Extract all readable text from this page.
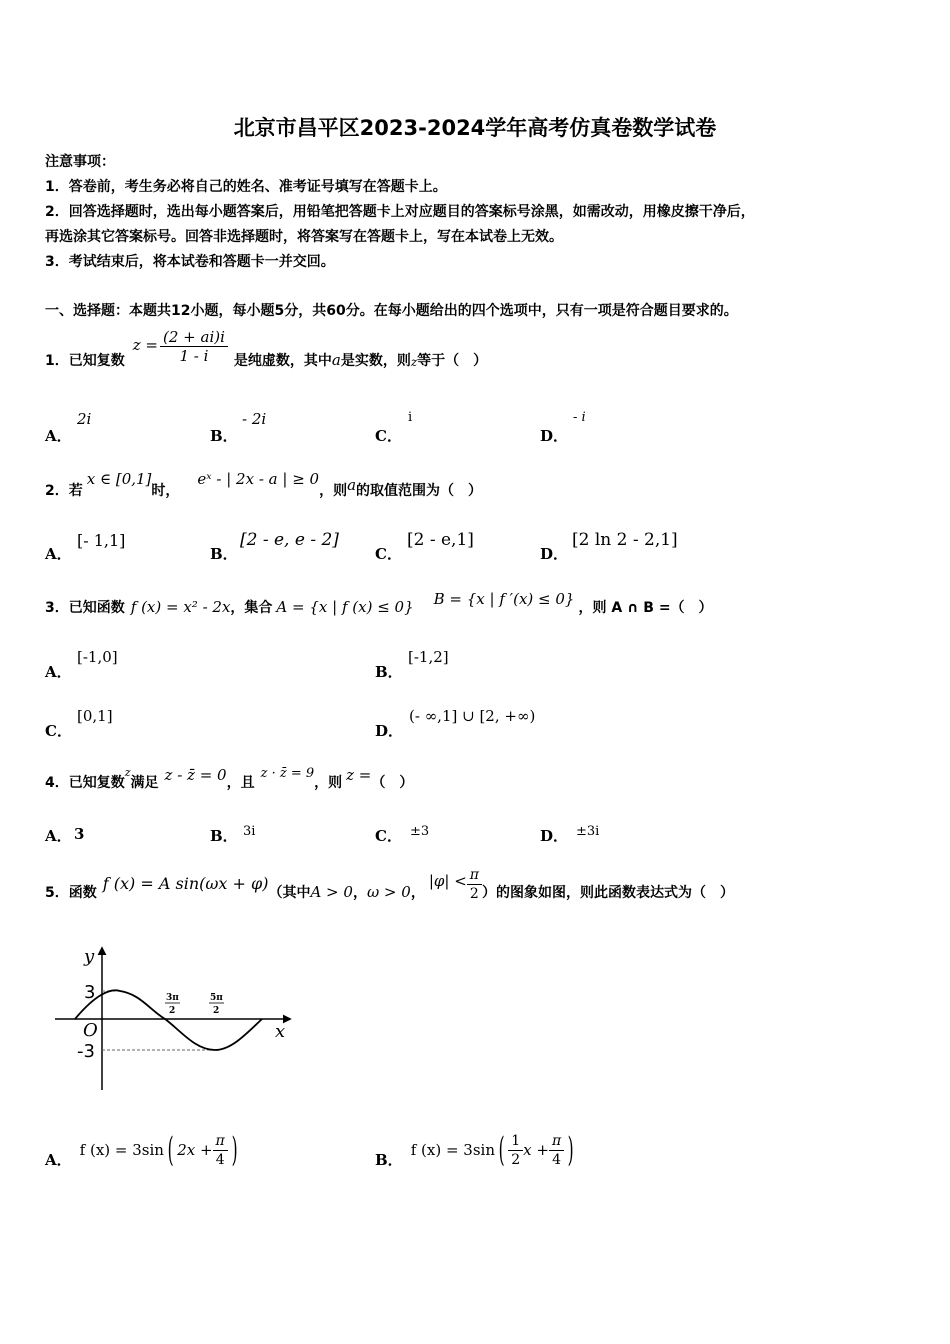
北京市昌平区2023-2024学年高考仿真卷数学试卷
注意事项：
1．答卷前，考生务必将自己的姓名、准考证号填写在答题卡上。
2．回答选择题时，选出每小题答案后，用铅笔把答题卡上对应题目的答案标号涂黑，如需改动，用橡皮擦干净后，
再选涂其它答案标号。回答非选择题时，将答案写在答题卡上，写在本试卷上无效。
3．考试结束后，将本试卷和答题卡一并交回。
一、选择题：本题共12小题，每小题5分，共60分。在每小题给出的四个选项中，只有一项是符合题目要求的。
1．已知复数
$z = \frac{(2 + ai)i}{1 - i}$ 是纯虚数，其中 a 是实数，则 z 等于（　）
A．
2i
B．
- 2i
C．
i
D．
- i
2．若
x ∈ [0,1]
时，
eˣ - | 2x - a | ≥ 0
，则 a 的取值范围为（　）
A．
[- 1,1]
B．
[2 - e, e - 2]
C．
[2 - e,1]
D．
[2 ln 2 - 2,1]
3．已知函数 f (x) = x² - 2x ，集合 A = {x | f (x) ≤ 0} B = {x | f ′(x) ≤ 0} ，则 A ∩ B =（　）
A．
[-1,0]
B．
[-1,2]
C．
[0,1]
D．
(- ∞,1] ∪ [2, +∞)
4．已知复数
z
满足 z - z̄ = 0 ，且
z · z̄ = 9
，则 z = （　）
A． 3	B． 3i	C． ±3	D． ±3i
5．函数 f (x) = A sin(ωx + φ) （其中 A > 0 ， ω > 0 ，
$|\varphi| < \frac{\pi}{2}$ ）的图象如图，则此函数表达式为（　）
y
x
O
3
-3
3π
2
5π
2
A．
f (x) = 3sin ( $2x + \frac{\pi}{4}$ )	B．
f (x) = 3sin ( $\frac{1}{2}$ $x + \frac{\pi}{4}$ )
